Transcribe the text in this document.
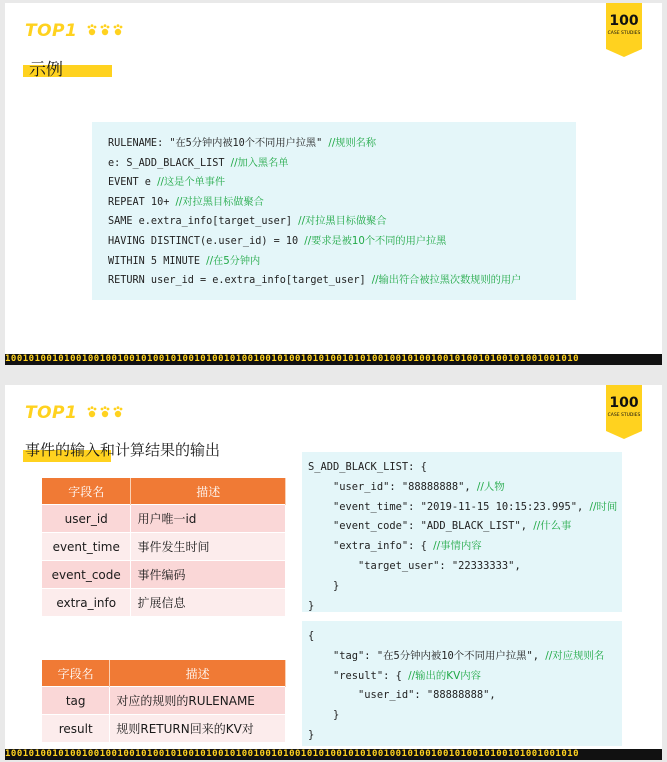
TOP1	100
CASE STUDIES
示例
RULENAME: "在5分钟内被10个不同用户拉黑" //规则名称
e: S_ADD_BLACK_LIST //加入黑名单
EVENT e //这是个单事件
REPEAT 10+ //对拉黑目标做聚合
SAME e.extra_info[target_user] //对拉黑目标做聚合
HAVING DISTINCT(e.user_id) = 10 //要求是被10个不同的用户拉黑
WITHIN 5 MINUTE //在5分钟内
RETURN user_id = e.extra_info[target_user] //输出符合被拉黑次数规则的用户
1001010010100100100100101001010010100101001001010010101001010100100101001001010010100101001001010
TOP1	100
CASE STUDIES
事件的输入和计算结果的输出
字段名	描述
user_id	用户唯一id
event_time	事件发生时间
event_code	事件编码
extra_info	扩展信息
字段名	描述
tag	对应的规则的RULENAME
result	规则RETURN回来的KV对
S_ADD_BLACK_LIST: {
"user_id": "88888888", //人物
"event_time": "2019-11-15 10:15:23.995", //时间
"event_code": "ADD_BLACK_LIST", //什么事
"extra_info": { //事情内容
"target_user": "22333333",
}
}
{
"tag": "在5分钟内被10个不同用户拉黑", //对应规则名
"result": { //输出的KV内容
"user_id": "88888888",
}
}
1001010010100100100100101001010010100101001001010010101001010100100101001001010010100101001001010
